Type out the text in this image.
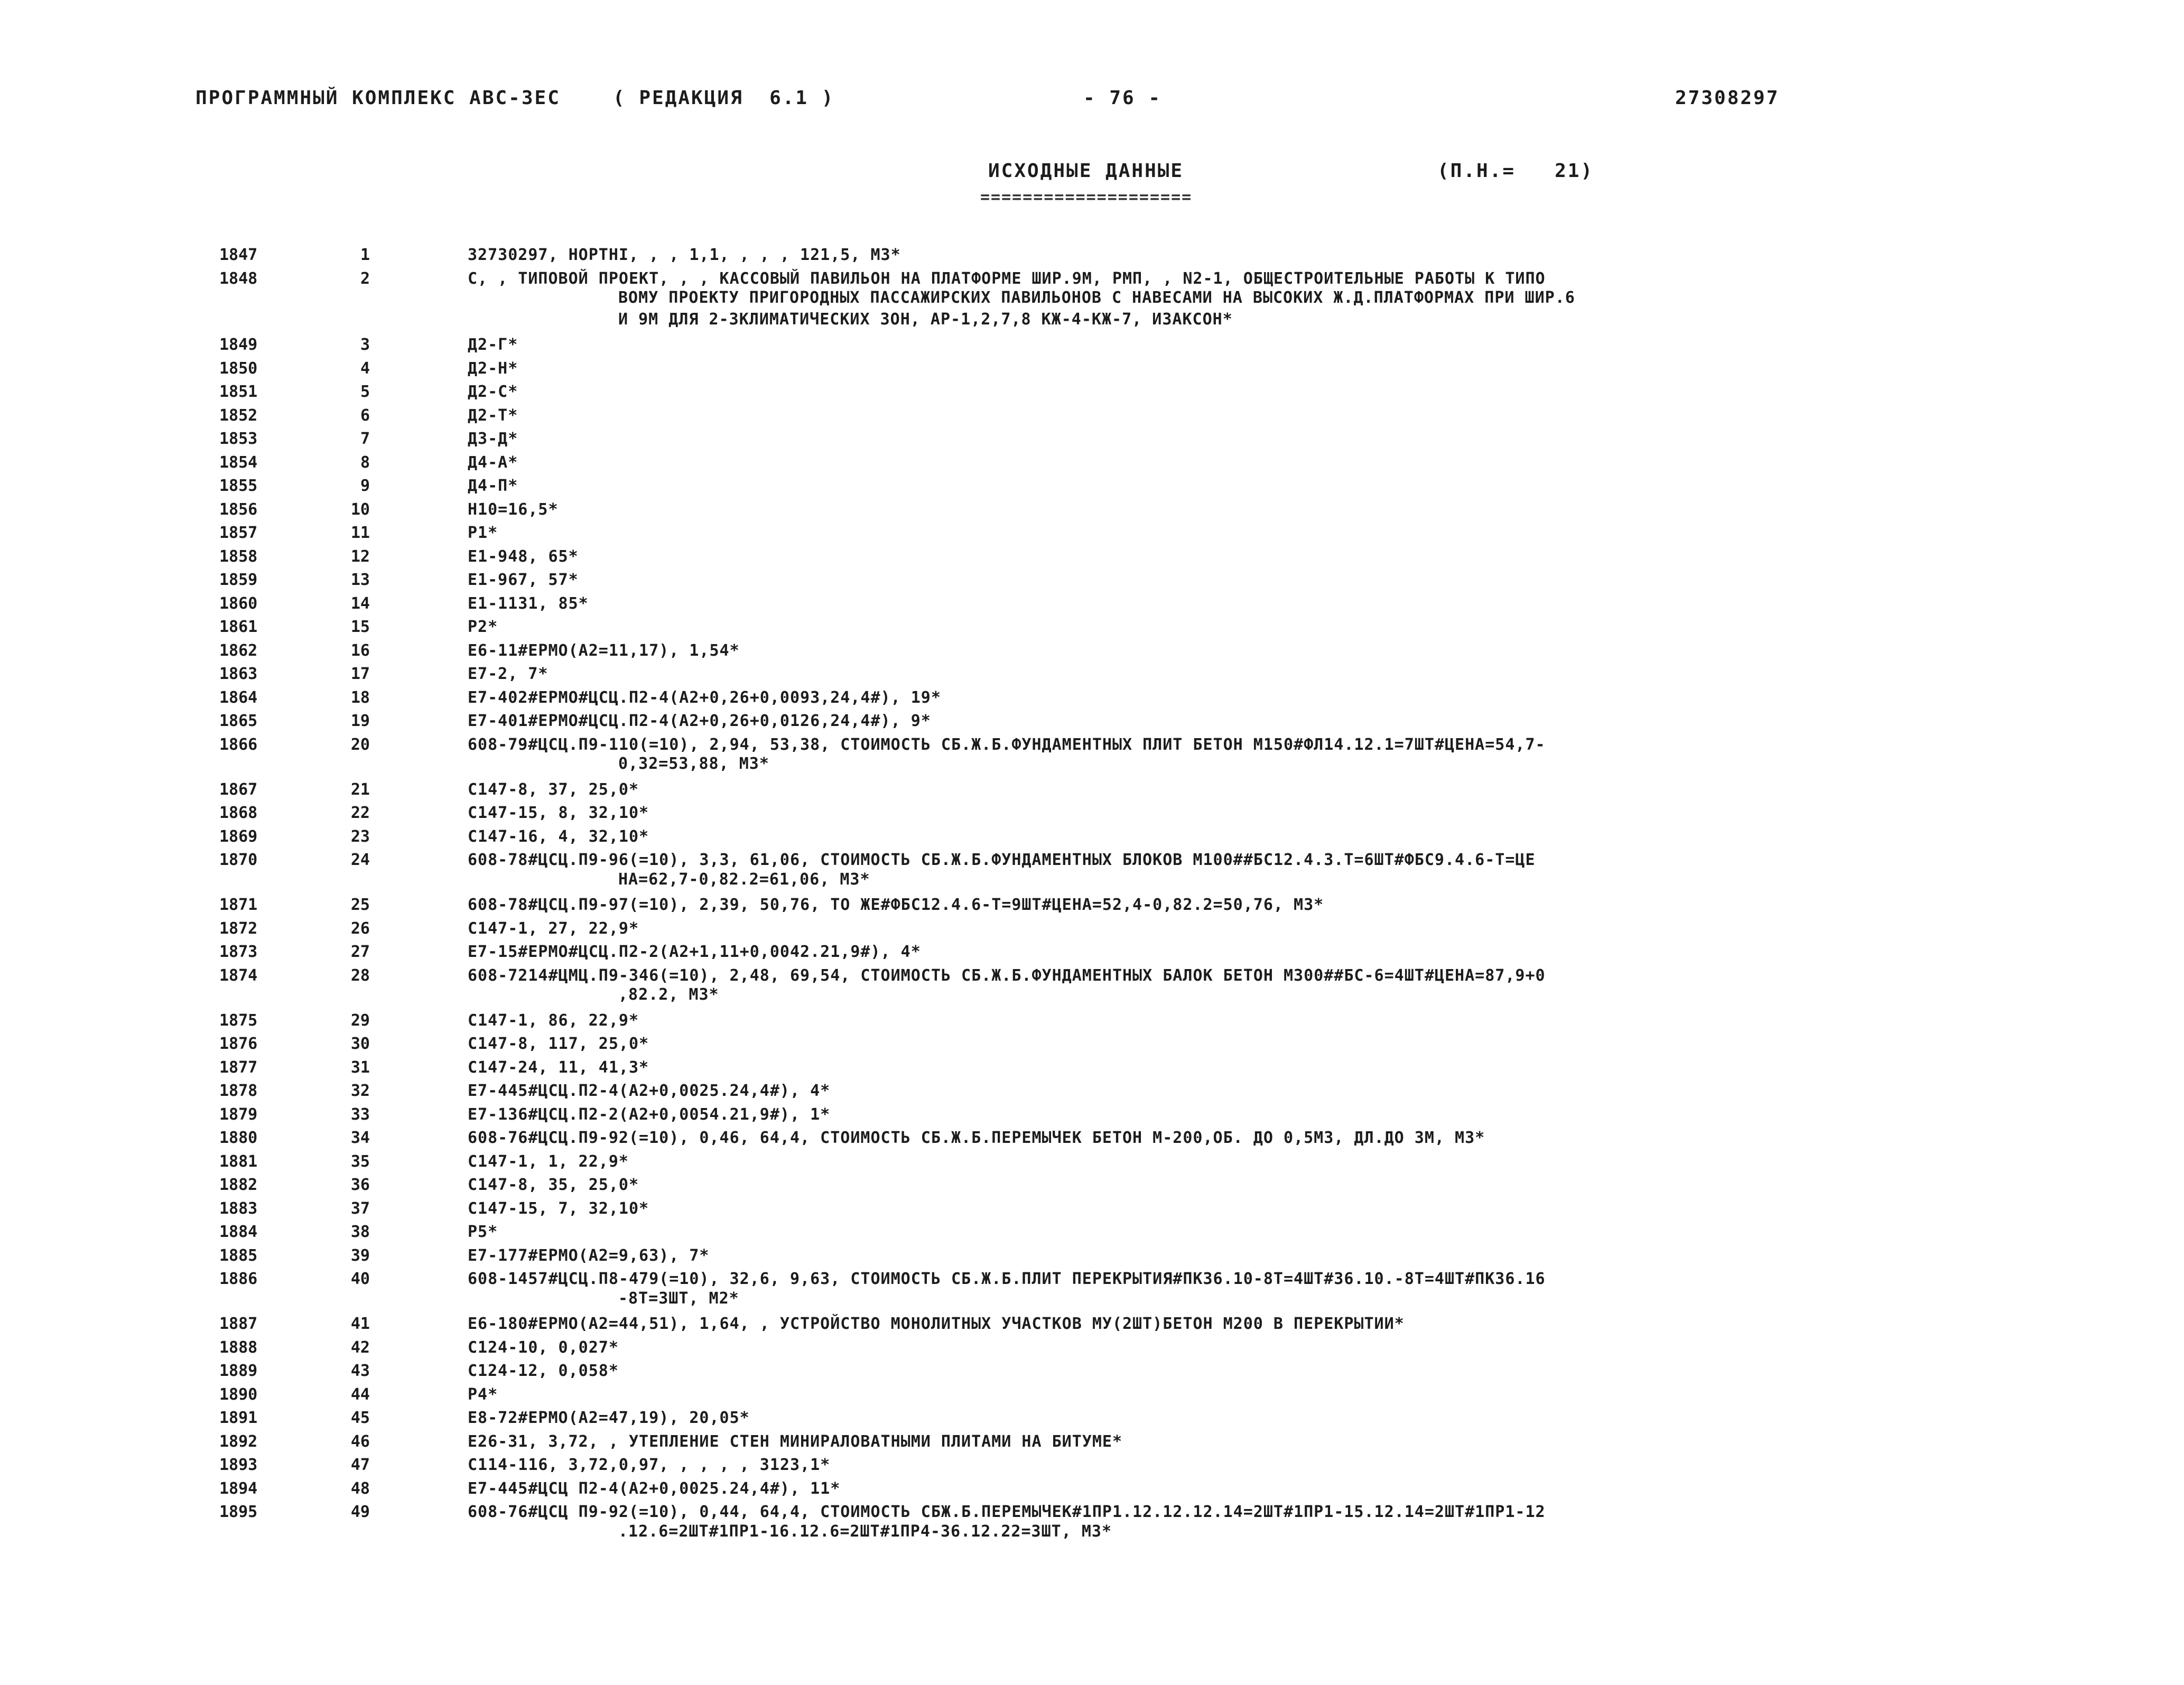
ПРОГРАММНЫЙ КОМПЛЕКС АВС-3ЕС	( РЕДАКЦИЯ  6.1 )	- 76 -	27308297
ИСХОДНЫЕ ДАННЫЕ
====================
(П.Н.=   21)
1847	1	32730297, НОРТНI, , , 1,1, , , , 121,5, М3*
1848	2	С, , ТИПОВОЙ ПРОЕКТ, , , КАССОВЫЙ ПАВИЛЬОН НА ПЛАТФОРМЕ ШИР.9М, РМП, , N2-1, ОБЩЕСТРОИТЕЛЬНЫЕ РАБОТЫ К ТИПО
ВОМУ ПРОЕКТУ ПРИГОРОДНЫХ ПАССАЖИРСКИХ ПАВИЛЬОНОВ С НАВЕСАМИ НА ВЫСОКИХ Ж.Д.ПЛАТФОРМАХ ПРИ ШИР.6
И 9М ДЛЯ 2-3КЛИМАТИЧЕСКИХ ЗОН, АР-1,2,7,8 КЖ-4-КЖ-7, ИЗАКСОН*
1849	3	Д2-Г*
1850	4	Д2-Н*
1851	5	Д2-С*
1852	6	Д2-Т*
1853	7	Д3-Д*
1854	8	Д4-А*
1855	9	Д4-П*
1856	10	Н10=16,5*
1857	11	Р1*
1858	12	Е1-948, 65*
1859	13	Е1-967, 57*
1860	14	Е1-1131, 85*
1861	15	Р2*
1862	16	Е6-11#ЕРМО(А2=11,17), 1,54*
1863	17	Е7-2, 7*
1864	18	Е7-402#ЕРМО#ЦСЦ.П2-4(А2+0,26+0,0093,24,4#), 19*
1865	19	Е7-401#ЕРМО#ЦСЦ.П2-4(А2+0,26+0,0126,24,4#), 9*
1866	20	608-79#ЦСЦ.П9-110(=10), 2,94, 53,38, СТОИМОСТЬ СБ.Ж.Б.ФУНДАМЕНТНЫХ ПЛИТ БЕТОН М150#ФЛ14.12.1=7ШТ#ЦЕНА=54,7-
0,32=53,88, М3*
1867	21	С147-8, 37, 25,0*
1868	22	С147-15, 8, 32,10*
1869	23	С147-16, 4, 32,10*
1870	24	608-78#ЦСЦ.П9-96(=10), 3,3, 61,06, СТОИМОСТЬ СБ.Ж.Б.ФУНДАМЕНТНЫХ БЛОКОВ М100##БС12.4.3.Т=6ШТ#ФБС9.4.6-Т=ЦЕ
НА=62,7-0,82.2=61,06, М3*
1871	25	608-78#ЦСЦ.П9-97(=10), 2,39, 50,76, ТО ЖЕ#ФБС12.4.6-Т=9ШТ#ЦЕНА=52,4-0,82.2=50,76, М3*
1872	26	С147-1, 27, 22,9*
1873	27	Е7-15#ЕРМО#ЦСЦ.П2-2(А2+1,11+0,0042.21,9#), 4*
1874	28	608-7214#ЦМЦ.П9-346(=10), 2,48, 69,54, СТОИМОСТЬ СБ.Ж.Б.ФУНДАМЕНТНЫХ БАЛОК БЕТОН М300##БС-6=4ШТ#ЦЕНА=87,9+0
,82.2, М3*
1875	29	С147-1, 86, 22,9*
1876	30	С147-8, 117, 25,0*
1877	31	С147-24, 11, 41,3*
1878	32	Е7-445#ЦСЦ.П2-4(А2+0,0025.24,4#), 4*
1879	33	Е7-136#ЦСЦ.П2-2(А2+0,0054.21,9#), 1*
1880	34	608-76#ЦСЦ.П9-92(=10), 0,46, 64,4, СТОИМОСТЬ СБ.Ж.Б.ПЕРЕМЫЧЕК БЕТОН М-200,ОБ. ДО 0,5М3, ДЛ.ДО 3М, М3*
1881	35	С147-1, 1, 22,9*
1882	36	С147-8, 35, 25,0*
1883	37	С147-15, 7, 32,10*
1884	38	Р5*
1885	39	Е7-177#ЕРМО(А2=9,63), 7*
1886	40	608-1457#ЦСЦ.П8-479(=10), 32,6, 9,63, СТОИМОСТЬ СБ.Ж.Б.ПЛИТ ПЕРЕКРЫТИЯ#ПК36.10-8Т=4ШТ#36.10.-8Т=4ШТ#ПК36.16
-8Т=3ШТ, М2*
1887	41	Е6-180#ЕРМО(А2=44,51), 1,64, , УСТРОЙСТВО МОНОЛИТНЫХ УЧАСТКОВ МУ(2ШТ)БЕТОН М200 В ПЕРЕКРЫТИИ*
1888	42	С124-10, 0,027*
1889	43	С124-12, 0,058*
1890	44	Р4*
1891	45	Е8-72#ЕРМО(А2=47,19), 20,05*
1892	46	Е26-31, 3,72, , УТЕПЛЕНИЕ СТЕН МИНИРАЛОВАТНЫМИ ПЛИТАМИ НА БИТУМЕ*
1893	47	С114-116, 3,72,0,97, , , , , 3123,1*
1894	48	Е7-445#ЦСЦ П2-4(А2+0,0025.24,4#), 11*
1895	49	608-76#ЦСЦ П9-92(=10), 0,44, 64,4, СТОИМОСТЬ СБЖ.Б.ПЕРЕМЫЧЕК#1ПР1.12.12.12.14=2ШТ#1ПР1-15.12.14=2ШТ#1ПР1-12
.12.6=2ШТ#1ПР1-16.12.6=2ШТ#1ПР4-36.12.22=3ШТ, М3*
